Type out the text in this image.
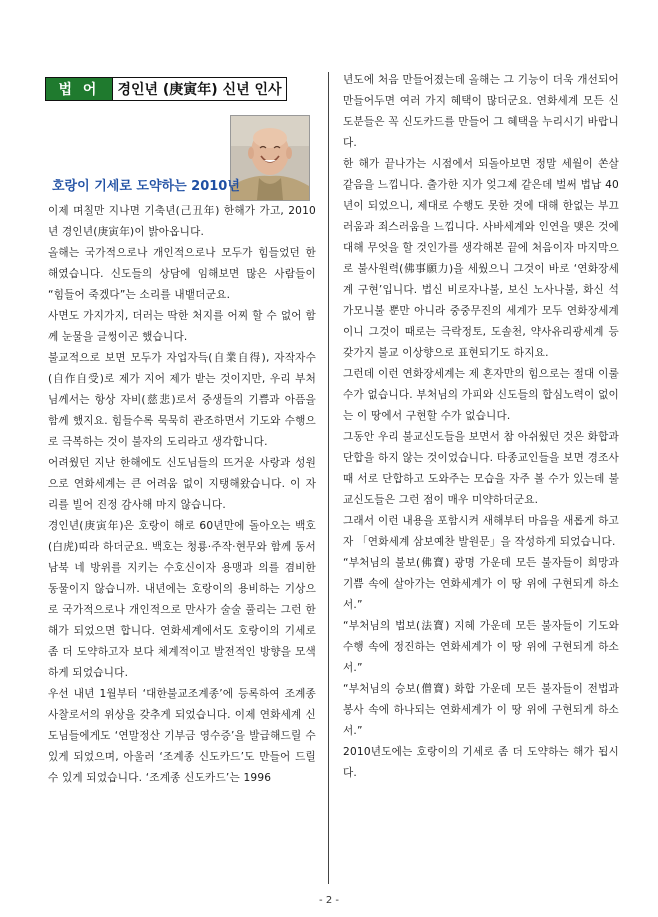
법 어	경인년 (庚寅年) 신년 인사
호랑이 기세로 도약하는 2010년

이제 며칠만 지나면 기축년(己丑年) 한해가 가고, 2010년 경인년(庚寅年)이 밝아옵니다.

올해는 국가적으로나 개인적으로나 모두가 힘들었던 한해였습니다. 신도들의 상담에 임해보면 많은 사람들이 “힘들어 죽겠다”는 소리를 내뱉더군요.

사면도 가지가지, 더러는 딱한 처지를 어찌 할 수 없어 함께 눈물을 글썽이곤 했습니다.

불교적으로 보면 모두가 자업자득(自業自得), 자작자수(自作自受)로 제가 지어 제가 받는 것이지만, 우리 부처님께서는 항상 자비(慈悲)로서 중생들의 기쁨과 아픔을 함께 했지요. 힘들수록 묵묵히 관조하면서 기도와 수행으로 극복하는 것이 불자의 도리라고 생각합니다.

어려웠던 지난 한해에도 신도님들의 뜨거운 사랑과 성원으로 연화세계는 큰 어려움 없이 지탱해왔습니다. 이 자리를 빌어 진정 감사해 마지 않습니다.

경인년(庚寅年)은 호랑이 해로 60년만에 돌아오는 백호(白虎)띠라 하더군요. 백호는 청룡·주작·현무와 함께 동서남북 네 방위를 지키는 수호신이자 용맹과 의를 겸비한 동물이지 않습니까. 내년에는 호랑이의 용비하는 기상으로 국가적으로나 개인적으로 만사가 술술 풀리는 그런 한해가 되었으면 합니다. 연화세계에서도 호랑이의 기세로 좀 더 도약하고자 보다 체계적이고 발전적인 방향을 모색하게 되었습니다.

우선 내년 1월부터 ‘대한불교조계종’에 등록하여 조계종 사찰로서의 위상을 갖추게 되었습니다. 이제 연화세계 신도님들에게도 ‘연말정산 기부금 영수증’을 발급해드릴 수 있게 되었으며, 아울러 ‘조계종 신도카드’도 만들어 드릴 수 있게 되었습니다. ‘조계종 신도카드’는 1996

년도에 처음 만들어졌는데 올해는 그 기능이 더욱 개선되어 만들어두면 여러 가지 혜택이 많더군요. 연화세계 모든 신도분들은 꼭 신도카드를 만들어 그 혜택을 누리시기 바랍니다.

한 해가 끝나가는 시점에서 되돌아보면 정말 세월이 쏜살 같음을 느낍니다. 출가한 지가 엊그제 같은데 벌써 법납 40년이 되었으니, 제대로 수행도 못한 것에 대해 한없는 부끄러움과 죄스러움을 느낍니다. 사바세계와 인연을 맺은 것에 대해 무엇을 할 것인가를 생각해본 끝에 처음이자 마지막으로 불사원력(佛事願力)을 세웠으니 그것이 바로 ‘연화장세계 구현’입니다. 법신 비로자나불, 보신 노사나불, 화신 석가모니불 뿐만 아니라 중중무진의 세계가 모두 연화장세계이니 그것이 때로는 극락정토, 도솔천, 약사유리광세계 등 갖가지 불교 이상향으로 표현되기도 하지요.

그런데 이런 연화장세계는 제 혼자만의 힘으로는 절대 이룰 수가 없습니다. 부처님의 가피와 신도들의 합심노력이 없이는 이 땅에서 구현할 수가 없습니다.

그동안 우리 불교신도들을 보면서 참 아쉬웠던 것은 화합과 단합을 하지 않는 것이었습니다. 타종교인들을 보면 경조사 때 서로 단합하고 도와주는 모습을 자주 볼 수가 있는데 불교신도들은 그런 점이 매우 미약하더군요.

그래서 이런 내용을 포함시켜 새해부터 마음을 새롭게 하고자 「연화세계 삼보예찬 발원문」을 작성하게 되었습니다.

“부처님의 불보(佛寶) 광명 가운데 모든 불자들이 희망과 기쁨 속에 살아가는 연화세계가 이 땅 위에 구현되게 하소서.”

“부처님의 법보(法寶) 지혜 가운데 모든 불자들이 기도와 수행 속에 정진하는 연화세계가 이 땅 위에 구현되게 하소서.”

“부처님의 승보(僧寶) 화합 가운데 모든 불자들이 전법과 봉사 속에 하나되는 연화세계가 이 땅 위에 구현되게 하소서.”

2010년도에는 호랑이의 기세로 좀 더 도약하는 해가 됩시다.

- 2 -
